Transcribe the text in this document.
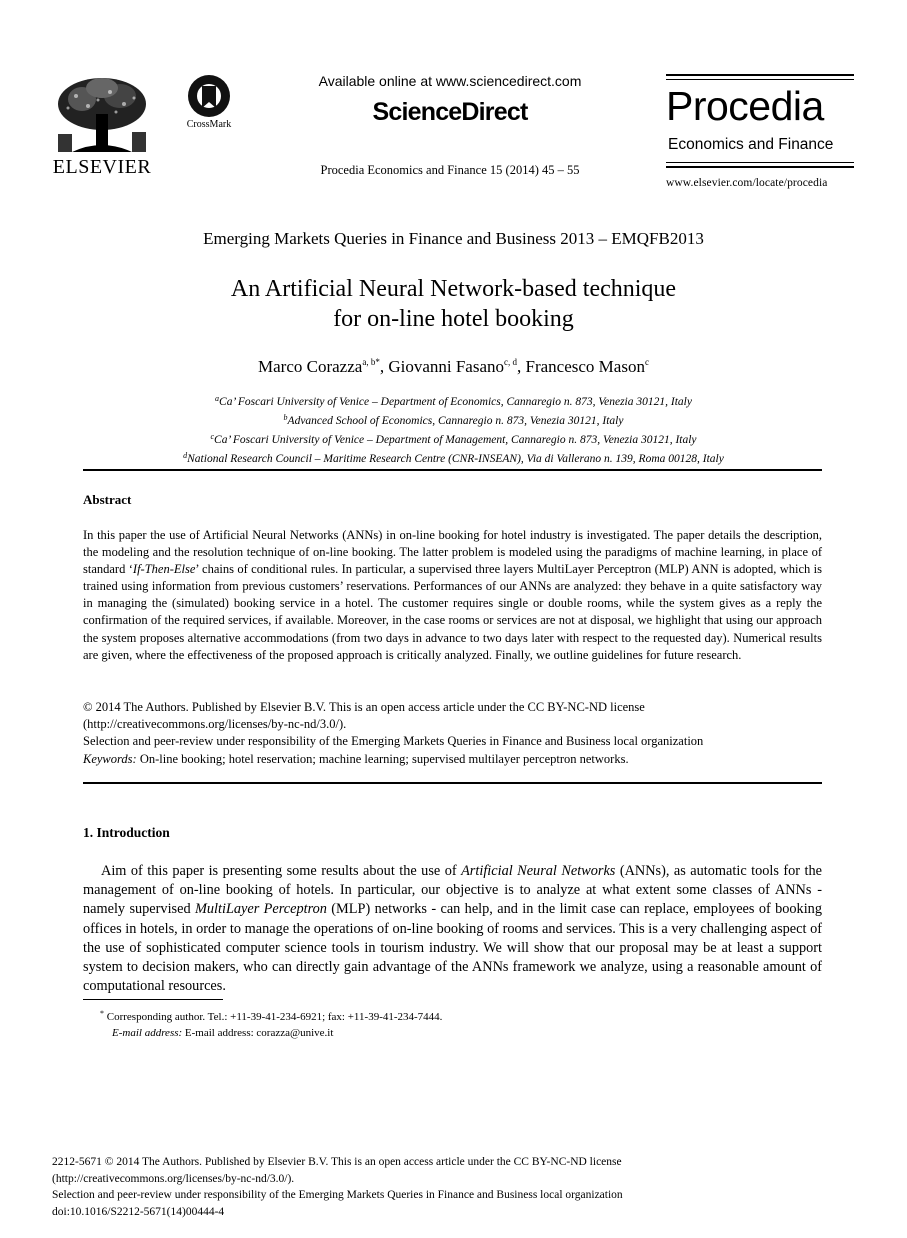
ELSEVIER
CrossMark
Available online at www.sciencedirect.com
ScienceDirect
Procedia Economics and Finance 15 (2014) 45 – 55
Procedia
Economics and Finance
www.elsevier.com/locate/procedia
Emerging Markets Queries in Finance and Business 2013 – EMQFB2013
An Artificial Neural Network-based technique
for on-line hotel booking
Marco Corazza$^{a, b*}$, Giovanni Fasano$^{c, d}$, Francesco Mason$^c$
$^a$Ca’ Foscari University of Venice – Department of Economics, Cannaregio n. 873, Venezia 30121, Italy
$^b$Advanced School of Economics, Cannaregio n. 873, Venezia 30121, Italy
$^c$Ca’ Foscari University of Venice – Department of Management, Cannaregio n. 873, Venezia 30121, Italy
$^d$National Research Council – Maritime Research Centre (CNR-INSEAN), Via di Vallerano n. 139, Roma 00128, Italy
Abstract
In this paper the use of Artificial Neural Networks (ANNs) in on-line booking for hotel industry is investigated. The paper details the description, the modeling and the resolution technique of on-line booking. The latter problem is modeled using the paradigms of machine learning, in place of standard ‘If-Then-Else’ chains of conditional rules. In particular, a supervised three layers MultiLayer Perceptron (MLP) ANN is adopted, which is trained using information from previous customers’ reservations. Performances of our ANNs are analyzed: they behave in a quite satisfactory way in managing the (simulated) booking service in a hotel. The customer requires single or double rooms, while the system gives as a reply the confirmation of the required services, if available. Moreover, in the case rooms or services are not at disposal, we highlight that using our approach the system proposes alternative accommodations (from two days in advance to two days later with respect to the requested day). Numerical results are given, where the effectiveness of the proposed approach is critically analyzed. Finally, we outline guidelines for future research.
© 2014 The Authors. Published by Elsevier B.V. This is an open access article under the CC BY-NC-ND license
(http://creativecommons.org/licenses/by-nc-nd/3.0/).
Selection and peer-review under responsibility of the Emerging Markets Queries in Finance and Business local organization
Keywords: On-line booking; hotel reservation; machine learning; supervised multilayer perceptron networks.
1. Introduction
Aim of this paper is presenting some results about the use of Artificial Neural Networks (ANNs), as automatic tools for the management of on-line booking of hotels. In particular, our objective is to analyze at what extent some classes of ANNs - namely supervised MultiLayer Perceptron (MLP) networks - can help, and in the limit case can replace, employees of booking offices in hotels, in order to manage the operations of on-line booking of rooms and services. This is a very challenging aspect of the use of sophisticated computer science tools in tourism industry. We will show that our proposal may be at least a support system to decision makers, who can directly gain advantage of the ANNs framework we analyze, using a reasonable amount of computational resources.
* Corresponding author. Tel.: +11-39-41-234-6921; fax: +11-39-41-234-7444.
E-mail address: E-mail address: corazza@unive.it
2212-5671 © 2014 The Authors. Published by Elsevier B.V. This is an open access article under the CC BY-NC-ND license
(http://creativecommons.org/licenses/by-nc-nd/3.0/).
Selection and peer-review under responsibility of the Emerging Markets Queries in Finance and Business local organization
doi:10.1016/S2212-5671(14)00444-4
